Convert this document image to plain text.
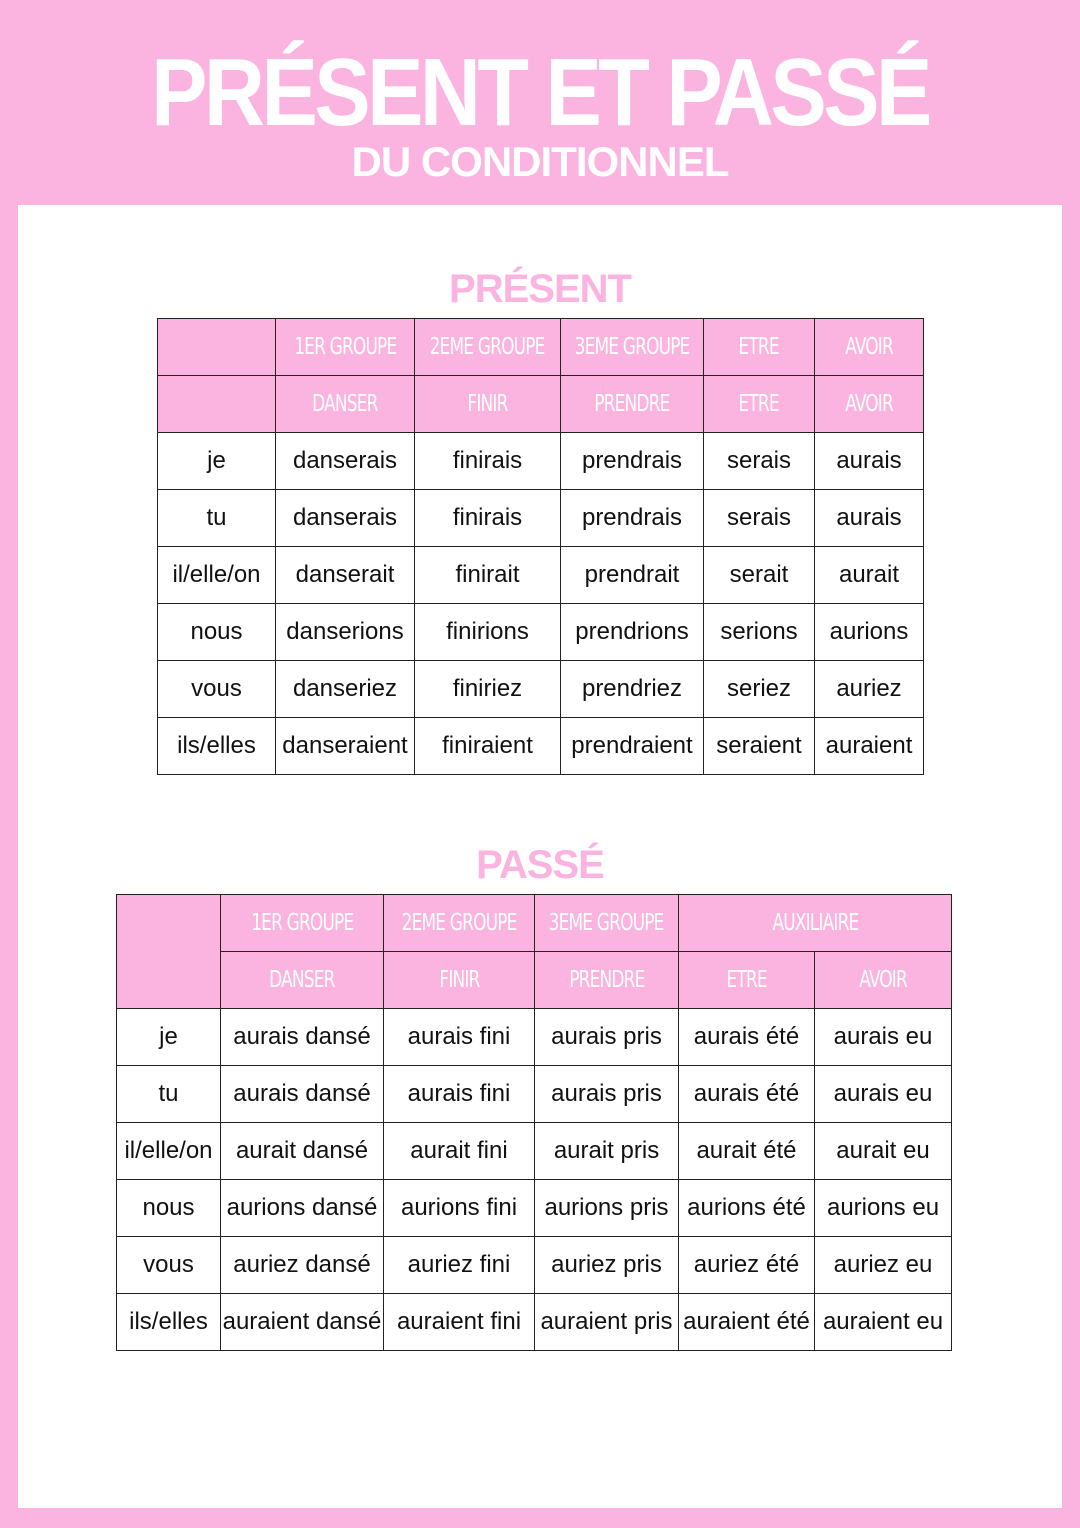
PRÉSENT ET PASSÉ
DU CONDITIONNEL
PRÉSENT
	1ER GROUPE	2EME GROUPE	3EME GROUPE	ETRE	AVOIR
	DANSER	FINIR	PRENDRE	ETRE	AVOIR
je	danserais	finirais	prendrais	serais	aurais
tu	danserais	finirais	prendrais	serais	aurais
il/elle/on	danserait	finirait	prendrait	serait	aurait
nous	danserions	finirions	prendrions	serions	aurions
vous	danseriez	finiriez	prendriez	seriez	auriez
ils/elles	danseraient	finiraient	prendraient	seraient	auraient
PASSÉ
	1ER GROUPE	2EME GROUPE	3EME GROUPE	AUXILIAIRE	
	DANSER	FINIR	PRENDRE	ETRE	AVOIR
je	aurais dansé	aurais fini	aurais pris	aurais été	aurais eu
tu	aurais dansé	aurais fini	aurais pris	aurais été	aurais eu
il/elle/on	aurait dansé	aurait fini	aurait pris	aurait été	aurait eu
nous	aurions dansé	aurions fini	aurions pris	aurions été	aurions eu
vous	auriez dansé	auriez fini	auriez pris	auriez été	auriez eu
ils/elles	auraient dansé	auraient fini	auraient pris	auraient été	auraient eu
